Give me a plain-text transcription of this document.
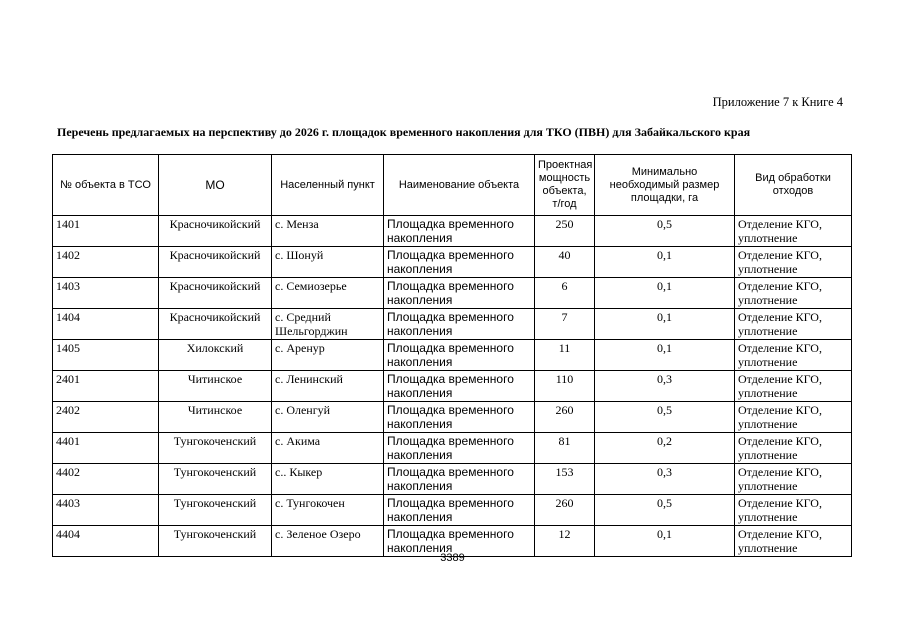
Приложение 7 к Книге 4
Перечень предлагаемых на перспективу до 2026 г. площадок временного накопления для ТКО (ПВН) для Забайкальского края
№ объекта в ТСО	МО	Населенный пункт	Наименование объекта	Проектная мощность объекта, т/год	Минимально необходимый размер площадки, га	Вид обработки отходов
1401	Красночикойский	с. Менза	Площадка временного накопления	250	0,5	Отделение КГО, уплотнение
1402	Красночикойский	с. Шонуй	Площадка временного накопления	40	0,1	Отделение КГО, уплотнение
1403	Красночикойский	с. Семиозерье	Площадка временного накопления	6	0,1	Отделение КГО, уплотнение
1404	Красночикойский	с. Средний Шельгорджин	Площадка временного накопления	7	0,1	Отделение КГО, уплотнение
1405	Хилокский	с. Аренур	Площадка временного накопления	11	0,1	Отделение КГО, уплотнение
2401	Читинское	с. Ленинский	Площадка временного накопления	110	0,3	Отделение КГО, уплотнение
2402	Читинское	с. Оленгуй	Площадка временного накопления	260	0,5	Отделение КГО, уплотнение
4401	Тунгокоченский	с. Акима	Площадка временного накопления	81	0,2	Отделение КГО, уплотнение
4402	Тунгокоченский	с.. Кыкер	Площадка временного накопления	153	0,3	Отделение КГО, уплотнение
4403	Тунгокоченский	с. Тунгокочен	Площадка временного накопления	260	0,5	Отделение КГО, уплотнение
4404	Тунгокоченский	с. Зеленое Озеро	Площадка временного накопления	12	0,1	Отделение КГО, уплотнение
3389
